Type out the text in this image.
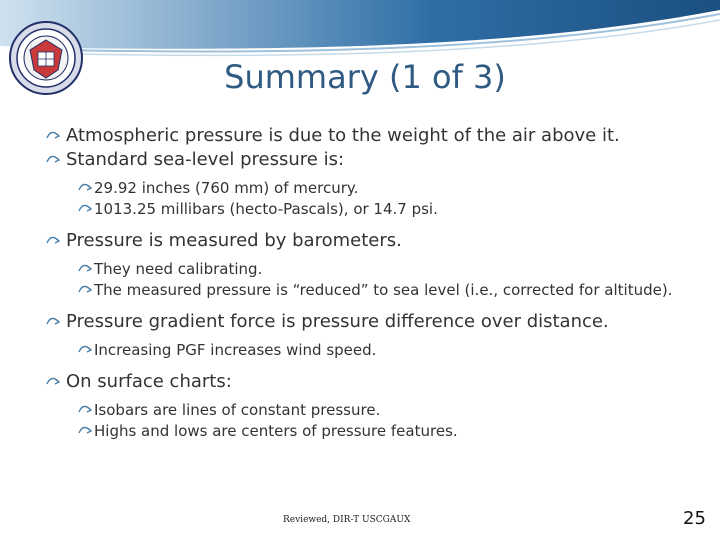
Summary (1 of 3)
Atmospheric pressure is due to the weight of the air above it.
Standard sea-level pressure is:
29.92 inches (760 mm) of mercury.
1013.25 millibars (hecto-Pascals), or 14.7 psi.
Pressure is measured by barometers.
They need calibrating.
The measured pressure is “reduced” to sea level (i.e., corrected for altitude).
Pressure gradient force is pressure difference over distance.
Increasing PGF increases wind speed.
On surface charts:
Isobars are lines of constant pressure.
Highs and lows are centers of pressure features.
Reviewed, DIR-T USCGAUX	25
